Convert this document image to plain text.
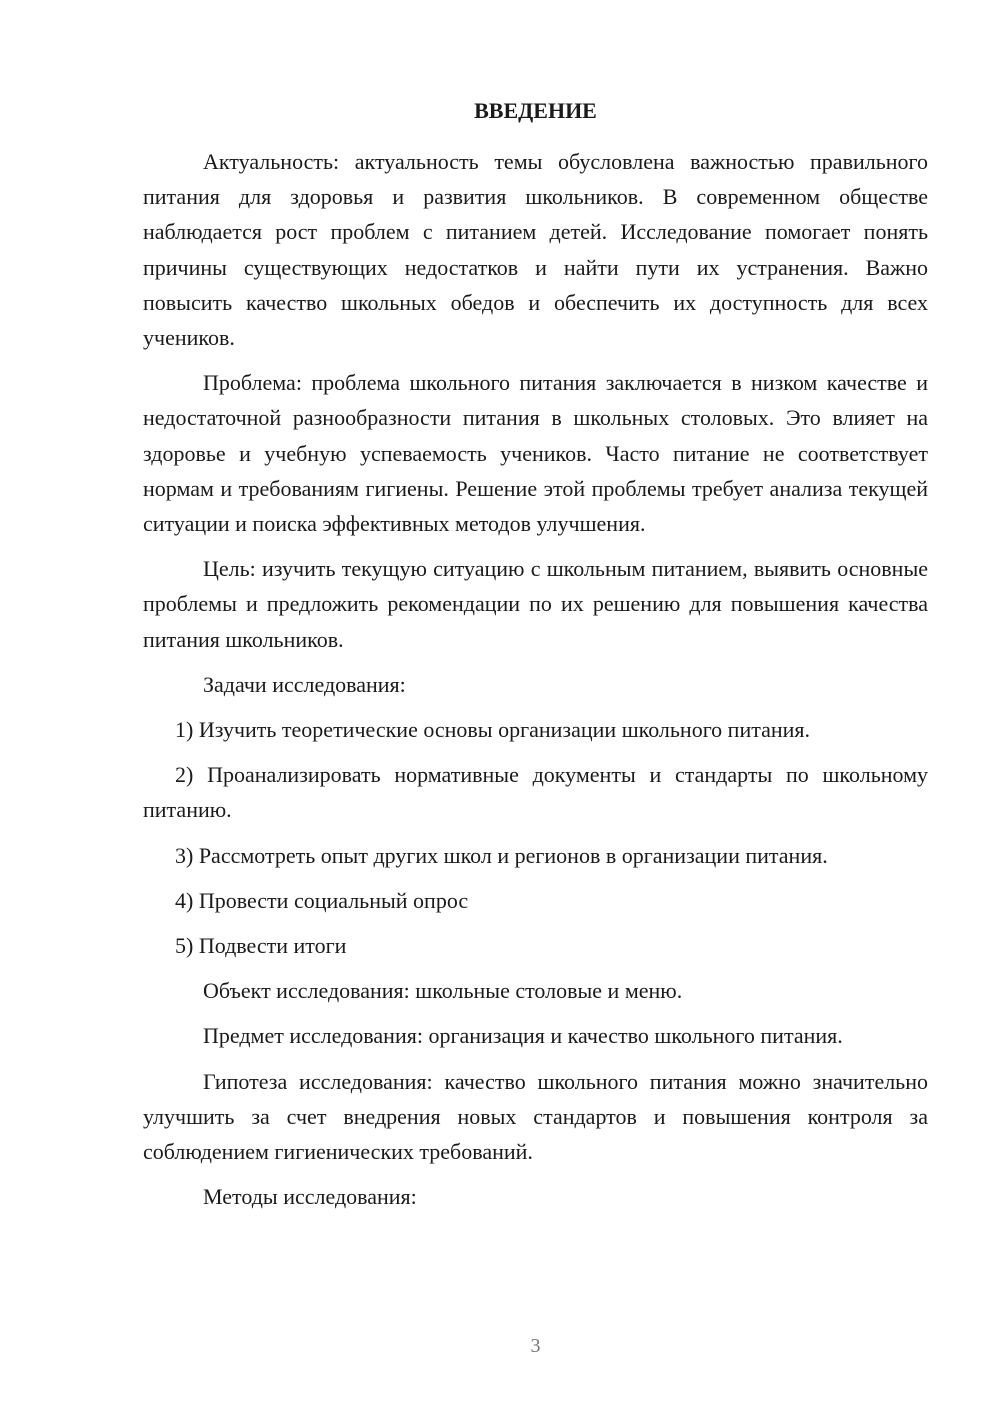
ВВЕДЕНИЕ

Актуальность: актуальность темы обусловлена важностью правильного питания для здоровья и развития школьников. В современном обществе наблюдается рост проблем с питанием детей. Исследование помогает понять причины существующих недостатков и найти пути их устранения. Важно повысить качество школьных обедов и обеспечить их доступность для всех учеников.

Проблема: проблема школьного питания заключается в низком качестве и недостаточной разнообразности питания в школьных столовых. Это влияет на здоровье и учебную успеваемость учеников. Часто питание не соответствует нормам и требованиям гигиены. Решение этой проблемы требует анализа текущей ситуации и поиска эффективных методов улучшения.

Цель: изучить текущую ситуацию с школьным питанием, выявить основные проблемы и предложить рекомендации по их решению для повышения качества питания школьников.

Задачи исследования:

1) Изучить теоретические основы организации школьного питания.

2) Проанализировать нормативные документы и стандарты по школьному питанию.

3) Рассмотреть опыт других школ и регионов в организации питания.

4) Провести социальный опрос

5) Подвести итоги

Объект исследования: школьные столовые и меню.

Предмет исследования: организация и качество школьного питания.

Гипотеза исследования: качество школьного питания можно значительно улучшить за счет внедрения новых стандартов и повышения контроля за соблюдением гигиенических требований.

Методы исследования:

3
